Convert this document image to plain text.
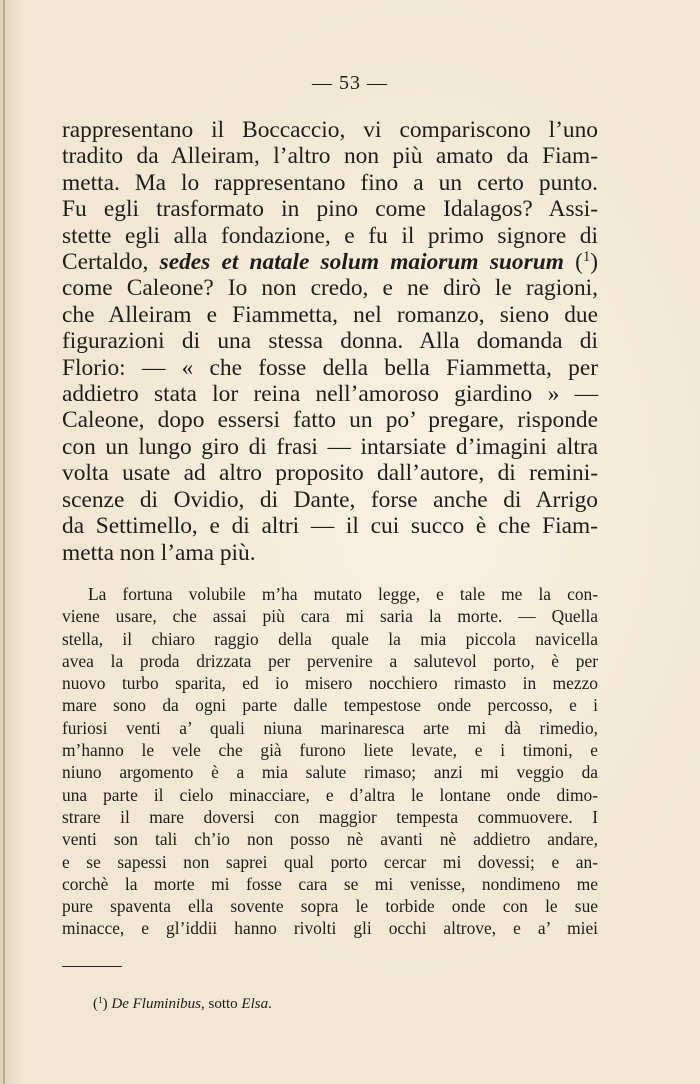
— 53 —
rappresentano il Boccaccio, vi compariscono l’uno
tradito da Alleiram, l’altro non più amato da Fiam-
metta. Ma lo rappresentano fino a un certo punto.
Fu egli trasformato in pino come Idalagos? Assi-
stette egli alla fondazione, e fu il primo signore di
Certaldo, sedes et natale solum maiorum suorum ($^1$)
come Caleone? Io non credo, e ne dirò le ragioni,
che Alleiram e Fiammetta, nel romanzo, sieno due
figurazioni di una stessa donna. Alla domanda di
Florio: — « che fosse della bella Fiammetta, per
addietro stata lor reina nell’amoroso giardino » —
Caleone, dopo essersi fatto un po’ pregare, risponde
con un lungo giro di frasi — intarsiate d’imagini altra
volta usate ad altro proposito dall’autore, di remini-
scenze di Ovidio, di Dante, forse anche di Arrigo
da Settimello, e di altri — il cui succo è che Fiam-
metta non l’ama più.
La fortuna volubile m’ha mutato legge, e tale me la con-
viene usare, che assai più cara mi saria la morte. — Quella
stella, il chiaro raggio della quale la mia piccola navicella
avea la proda drizzata per pervenire a salutevol porto, è per
nuovo turbo sparita, ed io misero nocchiero rimasto in mezzo
mare sono da ogni parte dalle tempestose onde percosso, e i
furiosi venti a’ quali niuna marinaresca arte mi dà rimedio,
m’hanno le vele che già furono liete levate, e i timoni, e
niuno argomento è a mia salute rimaso; anzi mi veggio da
una parte il cielo minacciare, e d’altra le lontane onde dimo-
strare il mare doversi con maggior tempesta commuovere. I
venti son tali ch’io non posso nè avanti nè addietro andare,
e se sapessi non saprei qual porto cercar mi dovessi; e an-
corchè la morte mi fosse cara se mi venisse, nondimeno me
pure spaventa ella sovente sopra le torbide onde con le sue
minacce, e gl’iddii hanno rivolti gli occhi altrove, e a’ miei
($^1$) De Fluminibus, sotto Elsa.
